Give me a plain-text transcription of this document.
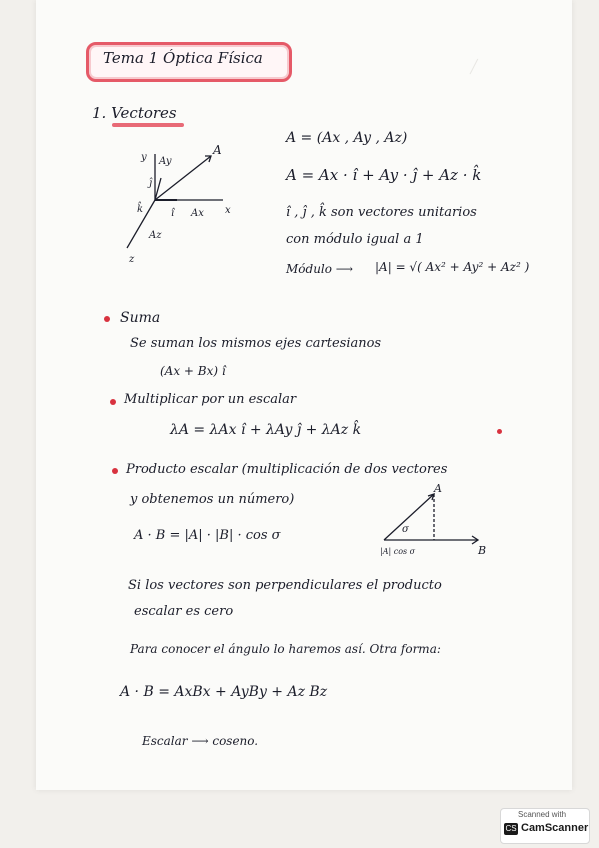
╱
Tema 1 Óptica Física
1. Vectores
y Ay
A
x
Ax
î
ĵ
k̂
Az
z
A = (Ax , Ay , Az)
A = Ax · î + Ay · ĵ + Az · k̂
î , ĵ , k̂ son vectores unitarios
con módulo igual a 1
Módulo ⟶ |A| = √( Ax² + Ay² + Az² )
Suma
Se suman los mismos ejes cartesianos
(Ax + Bx) î
Multiplicar por un escalar
λA = λAx î + λAy ĵ + λAz k̂
Producto escalar (multiplicación de dos vectores
y obtenemos un número)
A · B = |A| · |B| · cos σ
A
B
σ
|A| cos σ
Si los vectores son perpendiculares el producto
escalar es cero
Para conocer el ángulo lo haremos así. Otra forma:
A · B = AxBx + AyBy + Az Bz
Escalar ⟶ coseno.
Scanned with
CS CamScanner
